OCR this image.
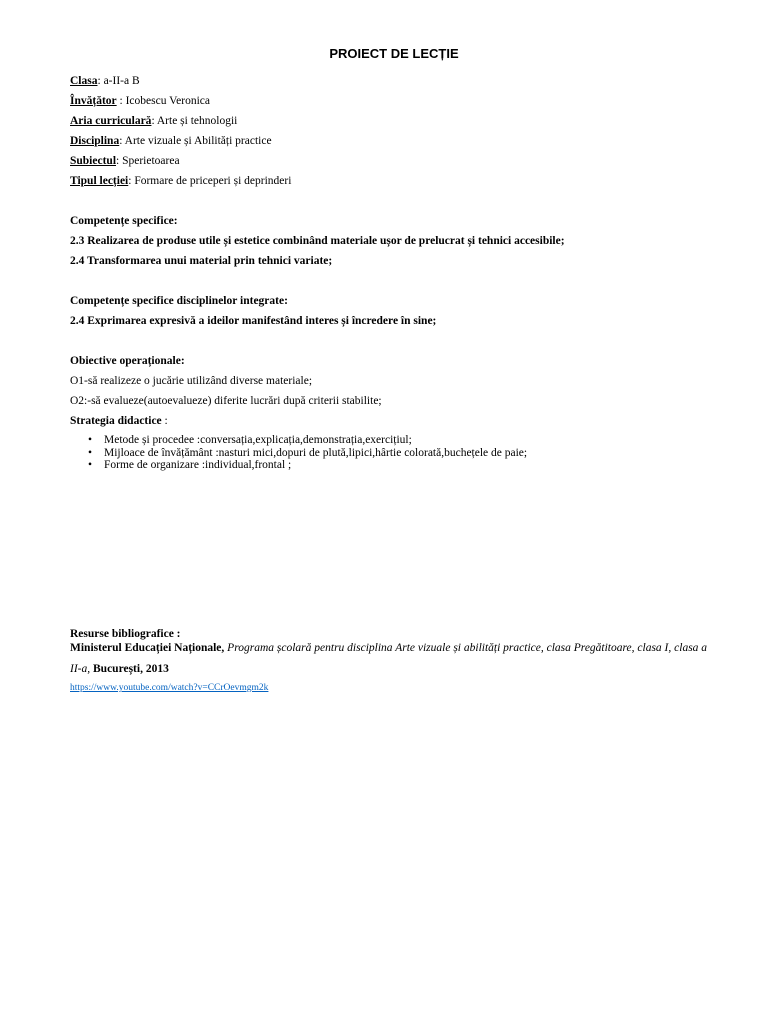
PROIECT DE LECȚIE
Clasa: a-II-a B
Învățător : Icobescu Veronica
Aria curriculară: Arte și tehnologii
Disciplina: Arte vizuale și Abilități practice
Subiectul: Sperietoarea
Tipul lecției: Formare de priceperi și deprinderi
Competențe specifice:
2.3 Realizarea de produse utile și estetice combinând materiale ușor de prelucrat și tehnici accesibile;
2.4 Transformarea unui material prin tehnici variate;
Competențe specifice disciplinelor integrate:
2.4 Exprimarea expresivă a ideilor manifestând interes și încredere în sine;
Obiective operaționale:
O1-să realizeze o jucărie utilizând diverse materiale;
O2:-să evalueze(autoevalueze) diferite lucrări după criterii stabilite;
Strategia didactice :
• Metode și procedee :conversația,explicația,demonstrația,exercițiul;
• Mijloace de învățământ :nasturi mici,dopuri de plută,lipici,hârtie colorată,buchețele de paie;
• Forme de organizare :individual,frontal ;
Resurse bibliografice :
Ministerul Educației Naționale, Programa școlară pentru disciplina Arte vizuale și abilități practice, clasa Pregătitoare, clasa I, clasa a II-a, București, 2013
https://www.youtube.com/watch?v=CCrOevmgm2k
